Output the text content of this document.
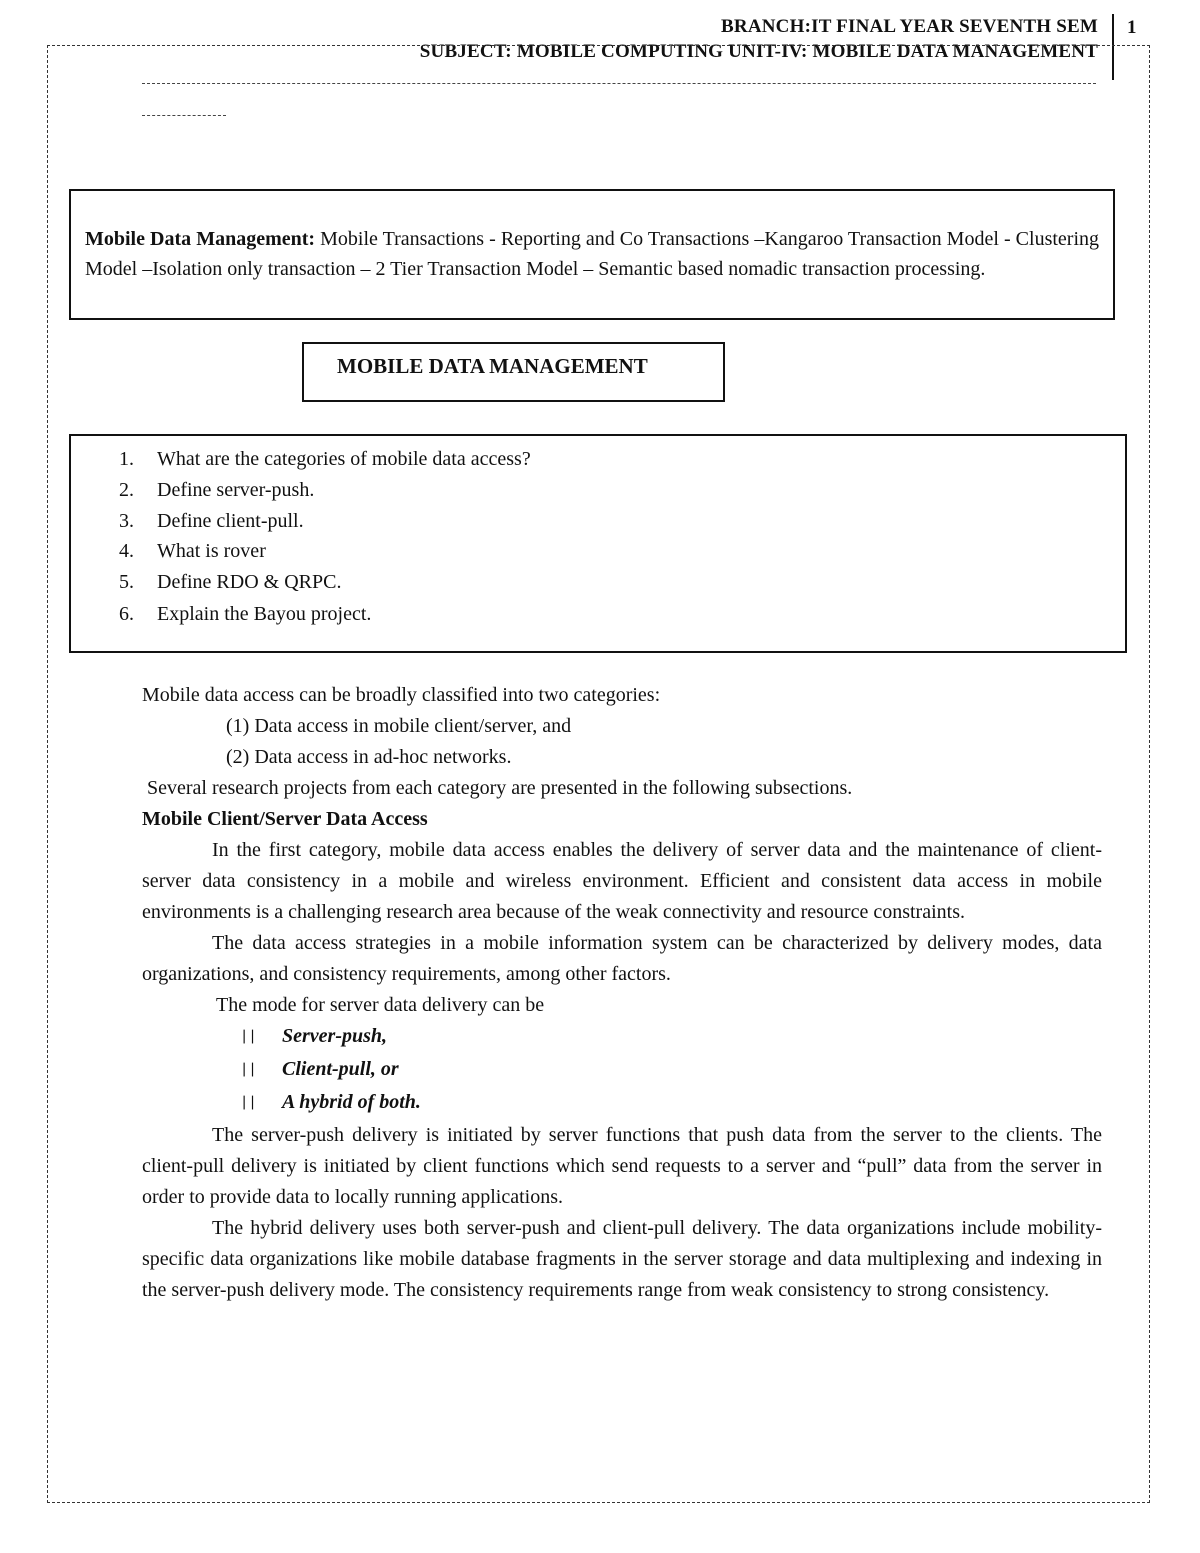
BRANCH:IT FINAL YEAR SEVENTH SEM
SUBJECT: MOBILE COMPUTING UNIT-IV: MOBILE DATA MANAGEMENT
1
Mobile Data Management: Mobile Transactions - Reporting and Co Transactions –Kangaroo Transaction Model - Clustering Model –Isolation only transaction – 2 Tier Transaction Model – Semantic based nomadic transaction processing.
MOBILE DATA MANAGEMENT
1. What are the categories of mobile data access?
2. Define server-push.
3. Define client-pull.
4. What is rover
5. Define RDO & QRPC.
6. Explain the Bayou project.
Mobile data access can be broadly classified into two categories:
(1) Data access in mobile client/server, and
(2) Data access in ad-hoc networks.
Several research projects from each category are presented in the following subsections.
Mobile Client/Server Data Access

In the first category, mobile data access enables the delivery of server data and the maintenance of client-server data consistency in a mobile and wireless environment. Efficient and consistent data access in mobile environments is a challenging research area because of the weak connectivity and resource constraints.

The data access strategies in a mobile information system can be characterized by delivery modes, data organizations, and consistency requirements, among other factors.

The mode for server data delivery can be
∣∣ Server-push,
∣∣ Client-pull, or
∣∣ A hybrid of both.

The server-push delivery is initiated by server functions that push data from the server to the clients. The client-pull delivery is initiated by client functions which send requests to a server and “pull” data from the server in order to provide data to locally running applications.

The hybrid delivery uses both server-push and client-pull delivery. The data organizations include mobility-specific data organizations like mobile database fragments in the server storage and data multiplexing and indexing in the server-push delivery mode. The consistency requirements range from weak consistency to strong consistency.
